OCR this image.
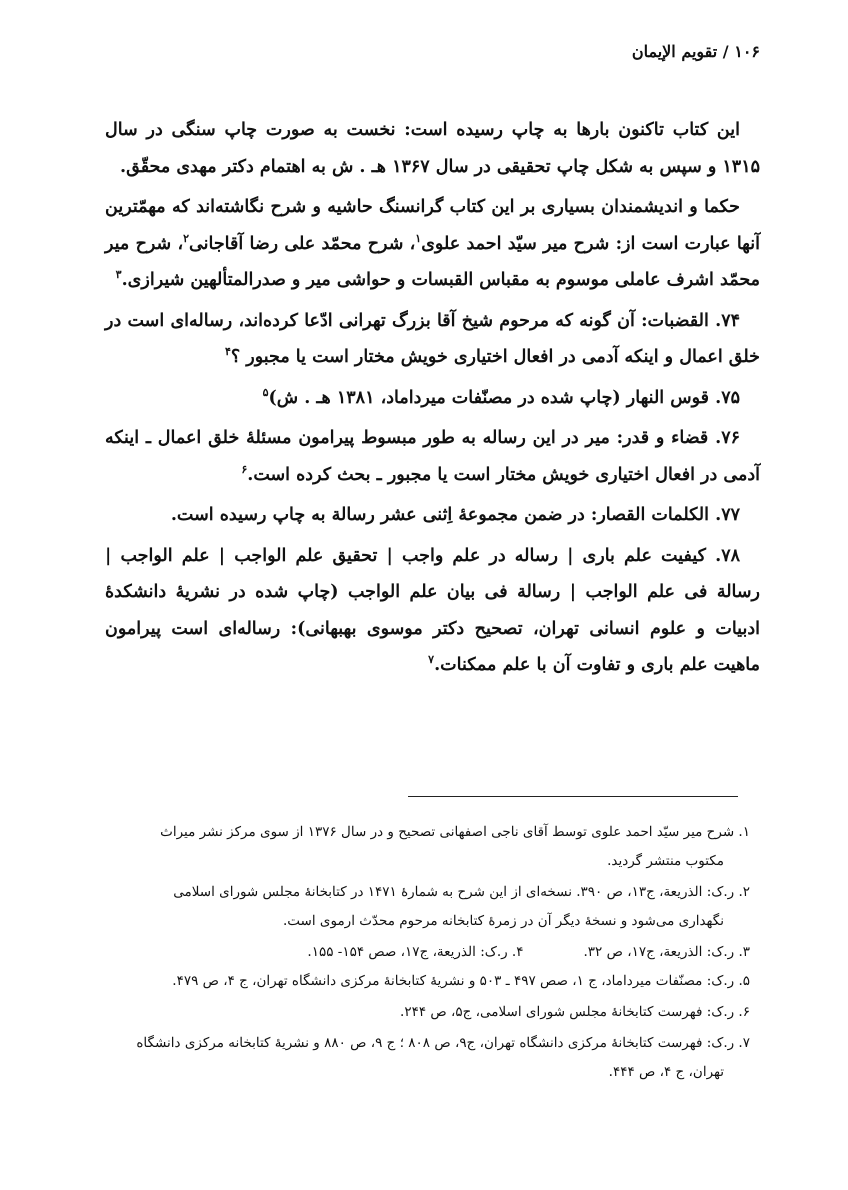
۱۰۶ / تقويم الإيمان

اين كتاب تاكنون بارها به چاپ رسيده است: نخست به صورت چاپ سنگى در سال ۱۳۱۵ و سپس به شكل چاپ تحقيقى در سال ۱۳۶۷ هـ . ش به اهتمام دكتر مهدى محقّق.

حكما و انديشمندان بسيارى بر اين كتاب گرانسنگ حاشيه و شرح نگاشته‌اند كه مهمّترين آنها عبارت است از: شرح مير سيّد احمد علوى$^۱$، شرح محمّد على رضا آقاجانى$^۲$، شرح مير محمّد اشرف عاملى موسوم به مقباس القبسات و حواشى مير و صدرالمتألهين شيرازى.$^۳$

۷۴. القضبات: آن گونه كه مرحوم شيخ آقا بزرگ تهرانى ادّعا كرده‌اند، رساله‌اى است در خلق اعمال و اينكه آدمى در افعال اختيارى خويش مختار است يا مجبور ؟$^۴$

۷۵. قوس النهار (چاپ شده در مصنّفات ميرداماد، ۱۳۸۱ هـ . ش)$^۵$

۷۶. قضاء و قدر: مير در اين رساله به طور مبسوط پيرامون مسئلهٔ خلق اعمال ـ اينكه آدمى در افعال اختيارى خويش مختار است يا مجبور ـ بحث كرده است.$^۶$

۷۷. الكلمات القصار: در ضمن مجموعهٔ اِثنى عشر رسالة به چاپ رسيده است.

۷۸. كيفيت علم بارى | رساله در علم واجب | تحقيق علم الواجب | علم الواجب | رسالة فى علم الواجب | رسالة فى بيان علم الواجب (چاپ شده در نشريهٔ دانشكدهٔ ادبيات و علوم انسانى تهران، تصحيح دكتر موسوى بهبهانى): رساله‌اى است پيرامون ماهيت علم بارى و تفاوت آن با علم ممكنات.$^۷$

۱. شرح مير سيّد احمد علوى توسط آقاى ناجى اصفهانى تصحيح و در سال ۱۳۷۶ از سوى مركز نشر ميراث
مكتوب منتشر گرديد.
۲. ر.ک: الذريعة، ج۱۳، ص ۳۹۰. نسخه‌اى از اين شرح به شمارهٔ ۱۴۷۱ در كتابخانهٔ مجلس شوراى اسلامى
نگهدارى مى‌شود و نسخهٔ ديگر آن در زمرهٔ كتابخانه مرحوم محدّث ارموى است.
۳. ر.ک: الذريعة، ج۱۷، ص ۳۲.
۴. ر.ک: الذريعة، ج۱۷، صص ۱۵۴- ۱۵۵.
۵. ر.ک: مصنّفات ميرداماد، ج ۱، صص ۴۹۷ ـ ۵۰۳ و نشريهٔ كتابخانهٔ مركزى دانشگاه تهران، ج ۴، ص ۴۷۹.
۶. ر.ک: فهرست كتابخانهٔ مجلس شوراى اسلامى، ج۵، ص ۲۴۴.
۷. ر.ک: فهرست كتابخانهٔ مركزى دانشگاه تهران، ج۹، ص ۸۰۸ ؛ ج ۹، ص ۸۸۰ و نشريهٔ كتابخانه مركزى دانشگاه
تهران، ج ۴، ص ۴۴۴.
